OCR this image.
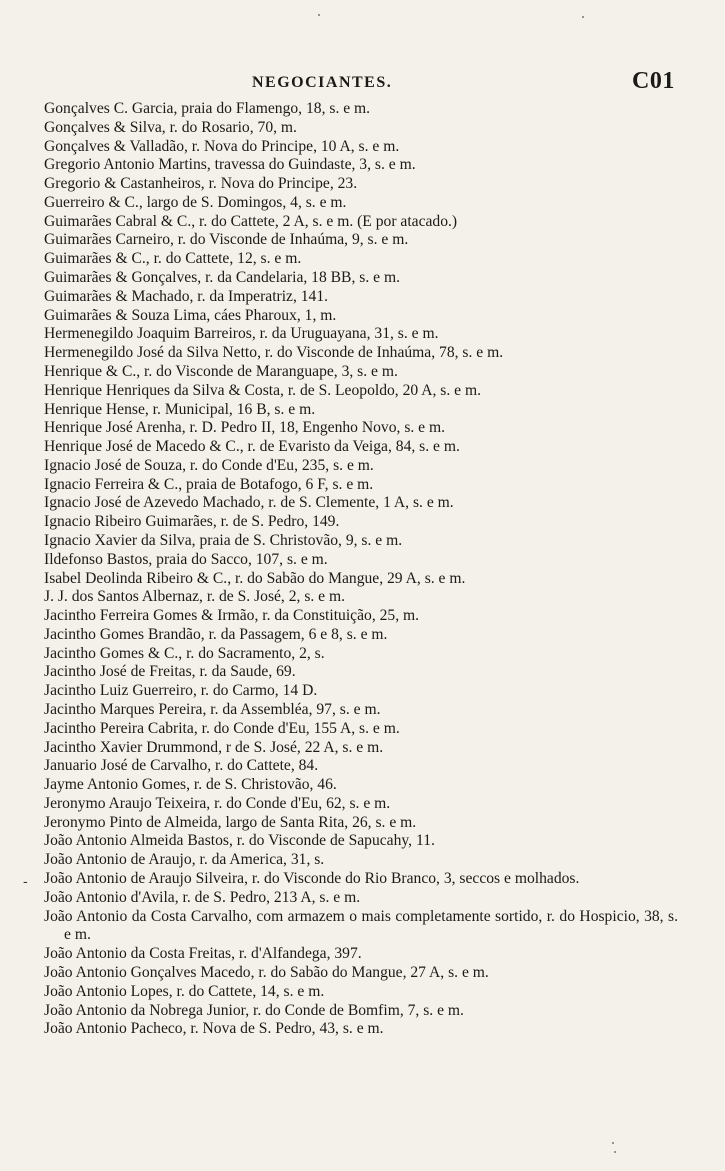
NEGOCIANTES.	C01
-
Gonçalves C. Garcia, praia do Flamengo, 18, s. e m.
Gonçalves & Silva, r. do Rosario, 70, m.
Gonçalves & Valladão, r. Nova do Principe, 10 A, s. e m.
Gregorio Antonio Martins, travessa do Guindaste, 3, s. e m.
Gregorio & Castanheiros, r. Nova do Principe, 23.
Guerreiro & C., largo de S. Domingos, 4, s. e m.
Guimarães Cabral & C., r. do Cattete, 2 A, s. e m. (E por atacado.)
Guimarães Carneiro, r. do Visconde de Inhaúma, 9, s. e m.
Guimarães & C., r. do Cattete, 12, s. e m.
Guimarães & Gonçalves, r. da Candelaria, 18 BB, s. e m.
Guimarães & Machado, r. da Imperatriz, 141.
Guimarães & Souza Lima, cáes Pharoux, 1, m.
Hermenegildo Joaquim Barreiros, r. da Uruguayana, 31, s. e m.
Hermenegildo José da Silva Netto, r. do Visconde de Inhaúma, 78, s. e m.
Henrique & C., r. do Visconde de Maranguape, 3, s. e m.
Henrique Henriques da Silva & Costa, r. de S. Leopoldo, 20 A, s. e m.
Henrique Hense, r. Municipal, 16 B, s. e m.
Henrique José Arenha, r. D. Pedro II, 18, Engenho Novo, s. e m.
Henrique José de Macedo & C., r. de Evaristo da Veiga, 84, s. e m.
Ignacio José de Souza, r. do Conde d'Eu, 235, s. e m.
Ignacio Ferreira & C., praia de Botafogo, 6 F, s. e m.
Ignacio José de Azevedo Machado, r. de S. Clemente, 1 A, s. e m.
Ignacio Ribeiro Guimarães, r. de S. Pedro, 149.
Ignacio Xavier da Silva, praia de S. Christovão, 9, s. e m.
Ildefonso Bastos, praia do Sacco, 107, s. e m.
Isabel Deolinda Ribeiro & C., r. do Sabão do Mangue, 29 A, s. e m.
J. J. dos Santos Albernaz, r. de S. José, 2, s. e m.
Jacintho Ferreira Gomes & Irmão, r. da Constituição, 25, m.
Jacintho Gomes Brandão, r. da Passagem, 6 e 8, s. e m.
Jacintho Gomes & C., r. do Sacramento, 2, s.
Jacintho José de Freitas, r. da Saude, 69.
Jacintho Luiz Guerreiro, r. do Carmo, 14 D.
Jacintho Marques Pereira, r. da Assembléa, 97, s. e m.
Jacintho Pereira Cabrita, r. do Conde d'Eu, 155 A, s. e m.
Jacintho Xavier Drummond, r de S. José, 22 A, s. e m.
Januario José de Carvalho, r. do Cattete, 84.
Jayme Antonio Gomes, r. de S. Christovão, 46.
Jeronymo Araujo Teixeira, r. do Conde d'Eu, 62, s. e m.
Jeronymo Pinto de Almeida, largo de Santa Rita, 26, s. e m.
João Antonio Almeida Bastos, r. do Visconde de Sapucahy, 11.
João Antonio de Araujo, r. da America, 31, s.
João Antonio de Araujo Silveira, r. do Visconde do Rio Branco, 3, seccos e molhados.
João Antonio d'Avila, r. de S. Pedro, 213 A, s. e m.
João Antonio da Costa Carvalho, com armazem o mais completamente sortido, r. do Hospicio, 38, s. e m.
João Antonio da Costa Freitas, r. d'Alfandega, 397.
João Antonio Gonçalves Macedo, r. do Sabão do Mangue, 27 A, s. e m.
João Antonio Lopes, r. do Cattete, 14, s. e m.
João Antonio da Nobrega Junior, r. do Conde de Bomfim, 7, s. e m.
João Antonio Pacheco, r. Nova de S. Pedro, 43, s. e m.
